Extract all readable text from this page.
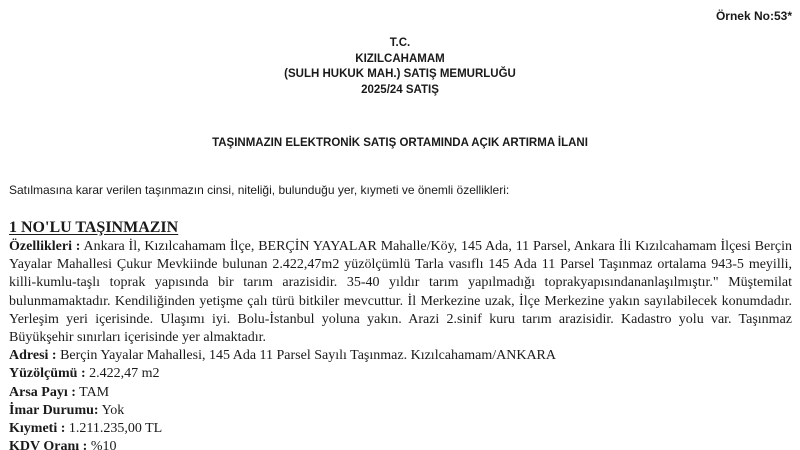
Örnek No:53*
T.C.
KIZILCAHAMAM
(SULH HUKUK MAH.) SATIŞ MEMURLUĞU
2025/24 SATIŞ
TAŞINMAZIN ELEKTRONİK SATIŞ ORTAMINDA AÇIK ARTIRMA İLANI
Satılmasına karar verilen taşınmazın cinsi, niteliği, bulunduğu yer, kıymeti ve önemli özellikleri:
1 NO'LU TAŞINMAZIN

Özellikleri : Ankara İl, Kızılcahamam İlçe, BERÇİN YAYALAR Mahalle/Köy, 145 Ada, 11 Parsel, Ankara İli Kızılcahamam İlçesi Berçin Yayalar Mahallesi Çukur Mevkiinde bulunan 2.422,47m2 yüzölçümlü Tarla vasıflı 145 Ada 11 Parsel Taşınmaz ortalama 943-5 meyilli, killi-kumlu-taşlı toprak yapısında bir tarım arazisidir. 35-40 yıldır tarım yapılmadığı toprakyapısındananlaşılmıştır." Müştemilat bulunmamaktadır. Kendiliğinden yetişme çalı türü bitkiler mevcuttur. İl Merkezine uzak, İlçe Merkezine yakın sayılabilecek konumdadır. Yerleşim yeri içerisinde. Ulaşımı iyi. Bolu-İstanbul yoluna yakın. Arazi 2.sinif kuru tarım arazisidir. Kadastro yolu var. Taşınmaz Büyükşehir sınırları içerisinde yer almaktadır.

Adresi : Berçin Yayalar Mahallesi, 145 Ada 11 Parsel Sayılı Taşınmaz. Kızılcahamam/ANKARA

Yüzölçümü : 2.422,47 m2

Arsa Payı : TAM

İmar Durumu: Yok

Kıymeti : 1.211.235,00 TL

KDV Oranı : %10
